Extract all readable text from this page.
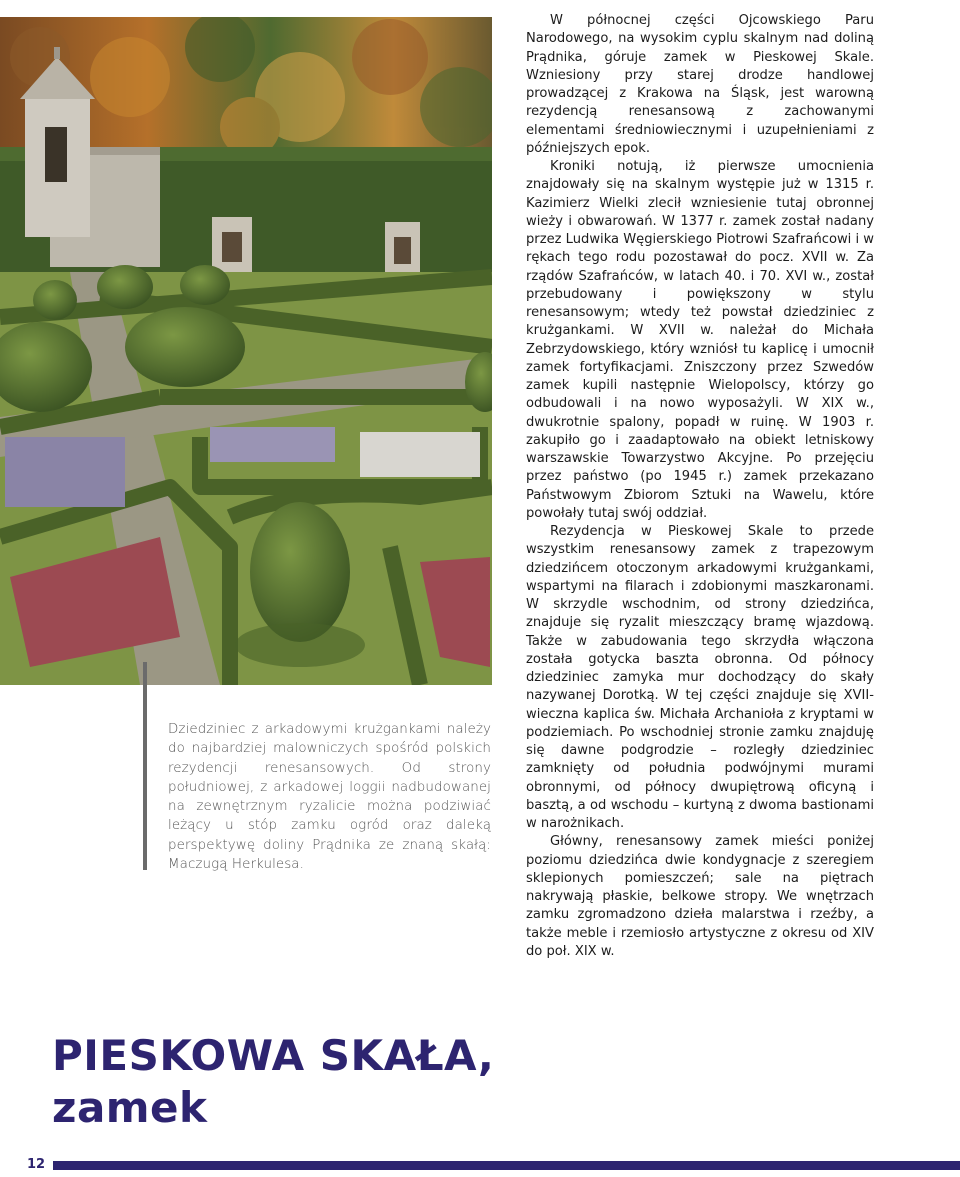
Dziedziniec z arkadowymi krużgankami należy do najbardziej malowniczych spośród polskich rezydencji renesansowych. Od strony południowej, z arkadowej loggii nadbudowanej na zewnętrznym ryzalicie można podziwiać leżący u stóp zamku ogród oraz daleką perspektywę doliny Prądnika ze znaną skałą: Maczugą Herkulesa.

W północnej części Ojcowskiego Paru Narodowego, na wysokim cyplu skalnym nad doliną Prądnika, góruje zamek w Pieskowej Skale. Wzniesiony przy starej drodze handlowej prowadzącej z Krakowa na Śląsk, jest warowną rezydencją renesansową z zachowanymi elementami średniowiecznymi i uzupełnieniami z późniejszych epok.

Kroniki notują, iż pierwsze umocnienia znajdowały się na skalnym występie już w 1315 r. Kazimierz Wielki zlecił wzniesienie tutaj obronnej wieży i obwarowań. W 1377 r. zamek został nadany przez Ludwika Węgierskiego Piotrowi Szafrańcowi i w rękach tego rodu pozostawał do pocz. XVII w. Za rządów Szafrańców, w latach 40. i 70. XVI w., został przebudowany i powiększony w stylu renesansowym; wtedy też powstał dziedziniec z krużgankami. W XVII w. należał do Michała Zebrzydowskiego, który wzniósł tu kaplicę i umocnił zamek fortyfikacjami. Zniszczony przez Szwedów zamek kupili następnie Wielopolscy, którzy go odbudowali i na nowo wyposażyli. W XIX w., dwukrotnie spalony, popadł w ruinę. W 1903 r. zakupiło go i zaadaptowało na obiekt letniskowy warszawskie Towarzystwo Akcyjne. Po przejęciu przez państwo (po 1945 r.) zamek przekazano Państwowym Zbiorom Sztuki na Wawelu, które powołały tutaj swój oddział.

Rezydencja w Pieskowej Skale to przede wszystkim renesansowy zamek z trapezowym dziedzińcem otoczonym arkadowymi krużgankami, wspartymi na filarach i zdobionymi maszkaronami. W skrzydle wschodnim, od strony dziedzińca, znajduje się ryzalit mieszczący bramę wjazdową. Także w zabudowania tego skrzydła włączona została gotycka baszta obronna. Od północy dziedziniec zamyka mur dochodzący do skały nazywanej Dorotką. W tej części znajduje się XVII-wieczna kaplica św. Michała Archanioła z kryptami w podziemiach. Po wschodniej stronie zamku znajduję się dawne podgrodzie – rozległy dziedziniec zamknięty od południa podwójnymi murami obronnymi, od północy dwupiętrową oficyną i basztą, a od wschodu – kurtyną z dwoma bastionami w narożnikach.

Główny, renesansowy zamek mieści poniżej poziomu dziedzińca dwie kondygnacje z szeregiem sklepionych pomieszczeń; sale na piętrach nakrywają płaskie, belkowe stropy. We wnętrzach zamku zgromadzono dzieła malarstwa i rzeźby, a także meble i rzemiosło artystyczne z okresu od XIV do poł. XIX w.

PIESKOWA SKAŁA,
zamek
12
